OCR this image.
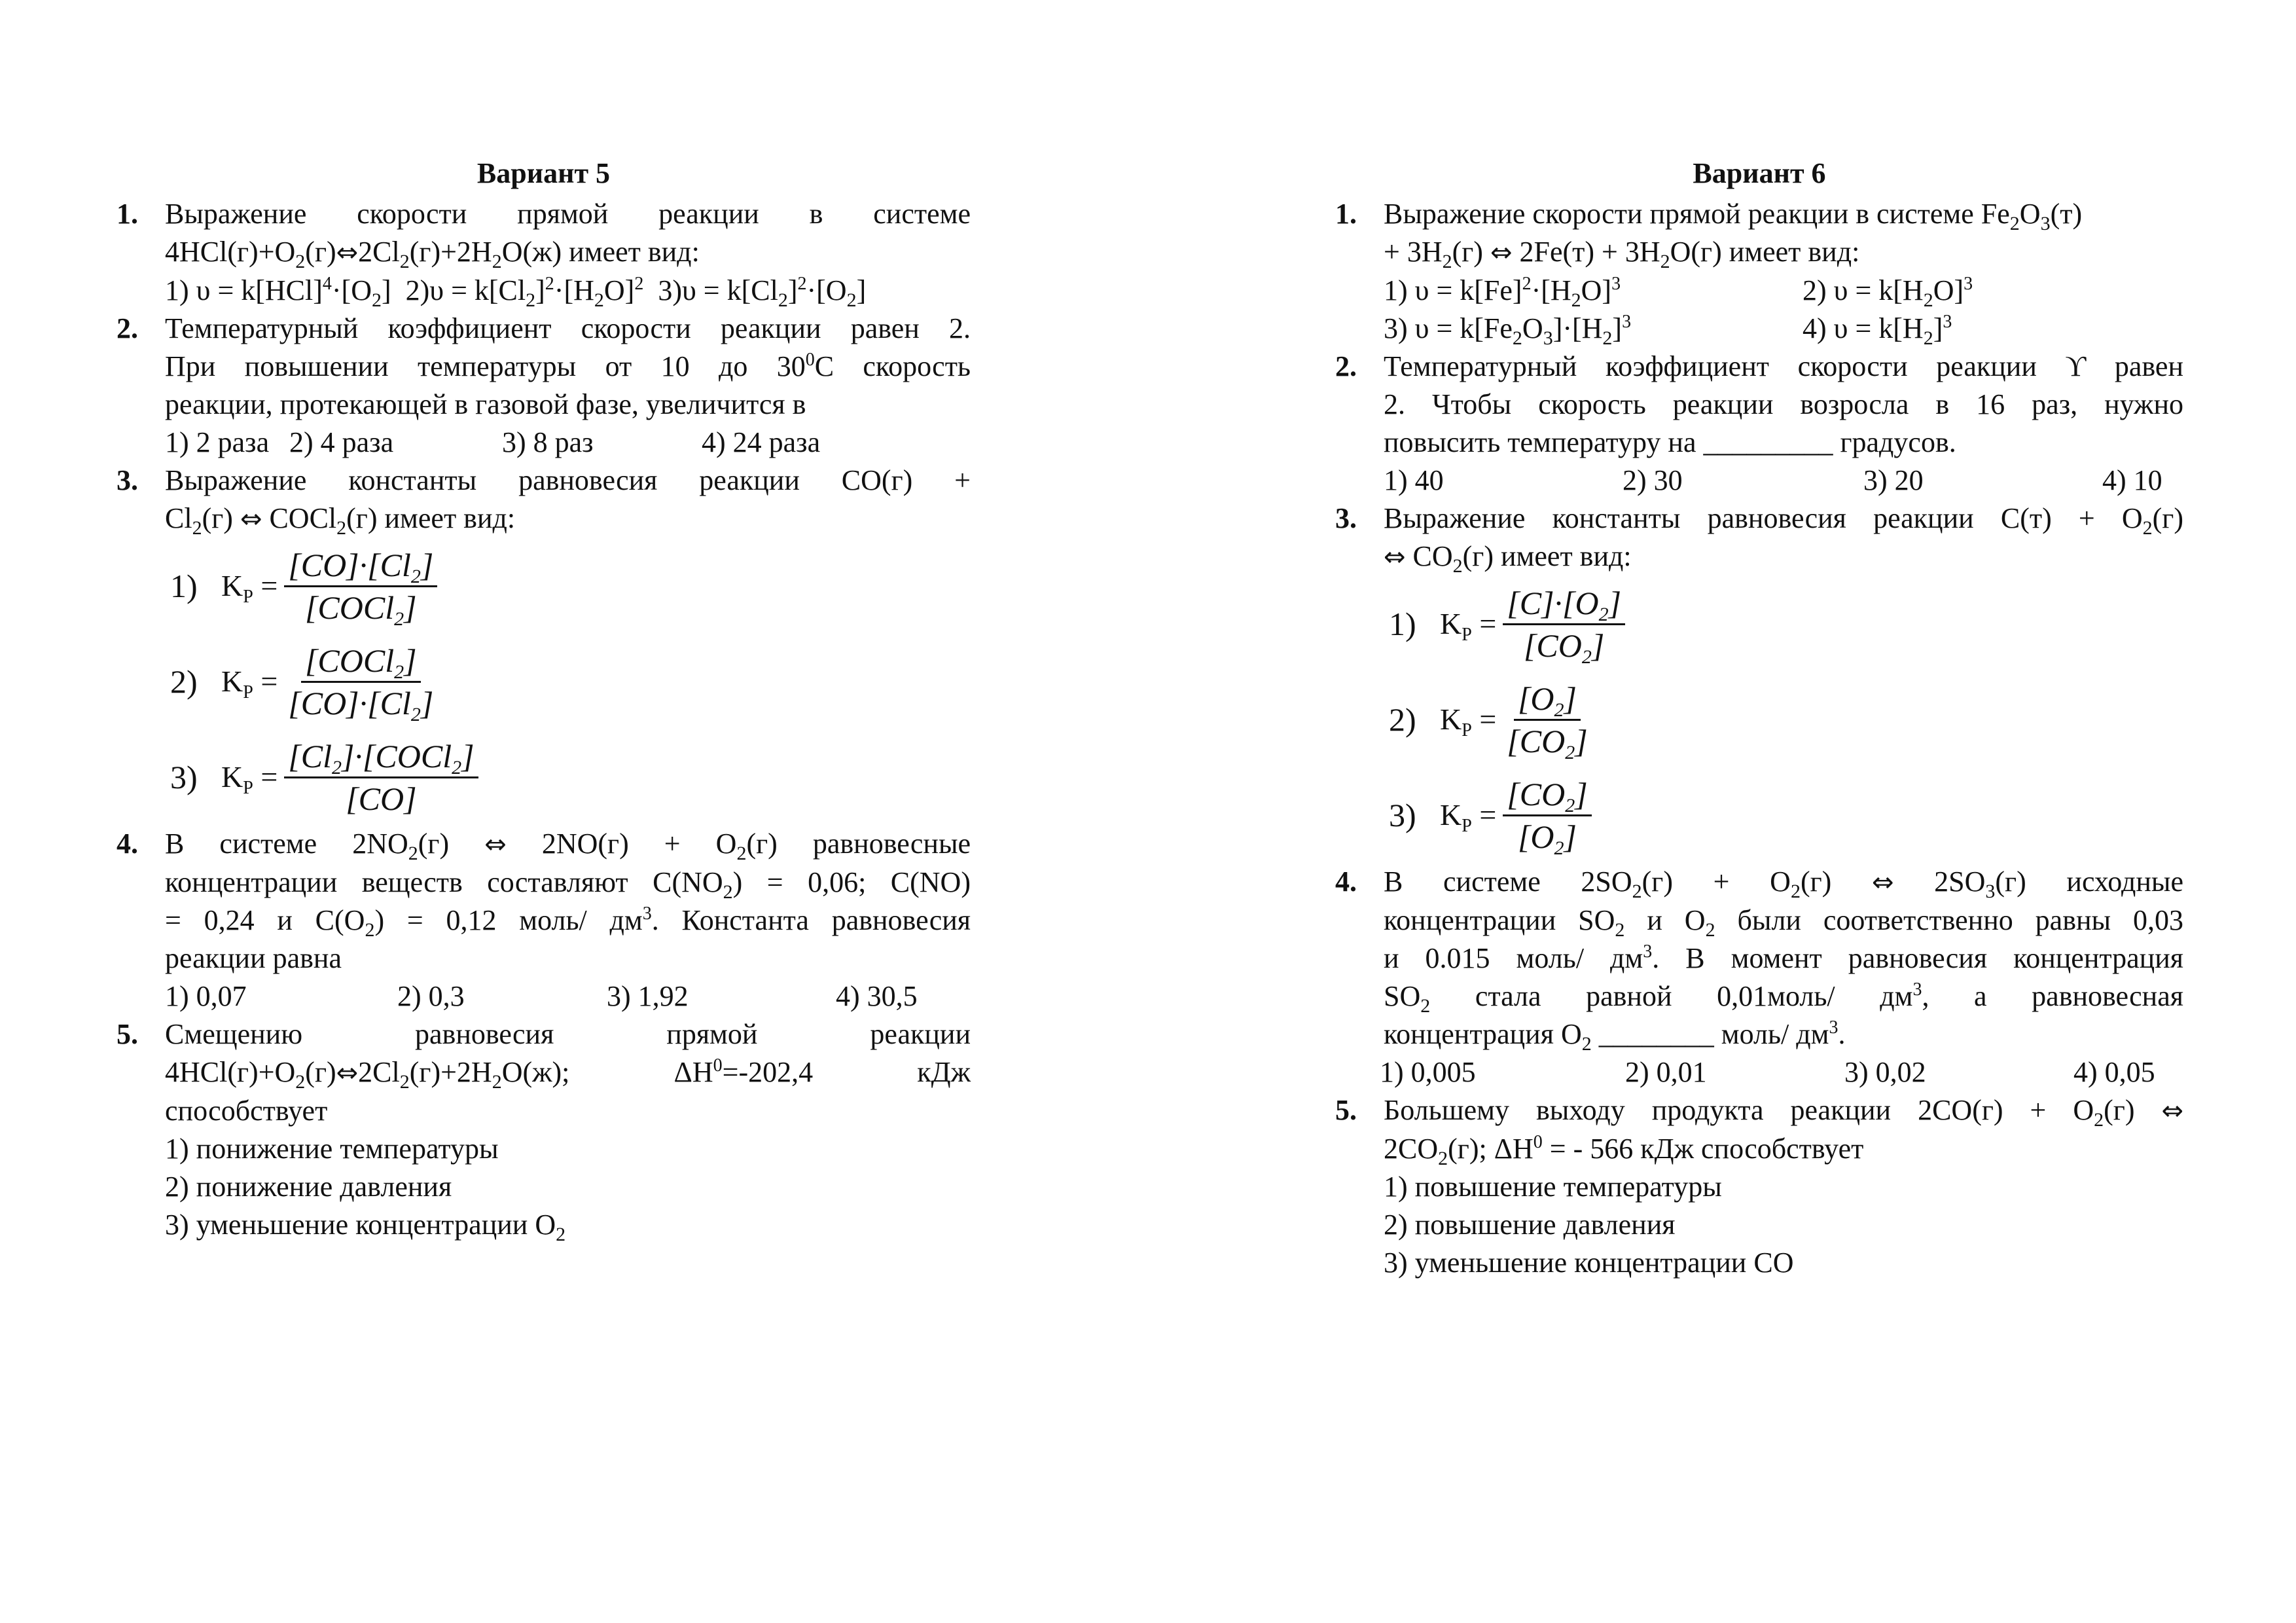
Вариант 5
1. Выражение скорости прямой реакции в системе
$4HCl(г)+O_2(г)\Leftrightarrow 2Cl_2(г)+2H_2O(ж)$ имеет вид:
1) $\upsilon = k[HCl]^4\cdot[O_2] 2)\upsilon = k[Cl_2]^2\cdot[H_2O]^2$ $3)\upsilon = k[Cl_2]^2\cdot[O_2]$
2. Температурный коэффициент скорости реакции равен 2.
При повышении температуры от 10 до $30^0С$ скорость
реакции, протекающей в газовой фазе, увеличится в
1) 2 раза 2) 4 раза	3) 8 раз	4) 24 раза
3. Выражение константы равновесия реакции CO(г) +
$Cl_2(г)$ ⇔ COCl$_2$(г) имеет вид:
1) $K_P = \frac{[CO]\cdot[Cl_2]}{[COCl_2]}$
2) $K_P = \frac{[COCl_2]}{[CO]\cdot[Cl_2]}$
3) $K_P = \frac{[Cl_2]\cdot[COCl_2]}{[CO]}$
4. В системе $2NO_2(г)$ ⇔ $2NO(г) + O_2(г)$ равновесные
концентрации веществ составляют $C(NO_2) = 0,06$; C(NO)
= 0,24 и $C(O_2) = 0,12$ моль/ $дм^3$. Константа равновесия
реакции равна
1) 0,07	2) 0,3	3) 1,92	4) 30,5
5. Смещению равновесия прямой реакции
$4HCl(г)+O_2(г)\Leftrightarrow 2Cl_2(г)+2H_2O(ж)$;	$\Delta H^0=-202,4$	кДж
способствует
1) понижение температуры
2) понижение давления
3) уменьшение концентрации $O_2$
Вариант 6
1. Выражение скорости прямой реакции в системе $Fe_2O_3(т)$
+ $3H_2(г)$ ⇔ $2Fe(т) + 3H_2O(г)$ имеет вид:
1) $\upsilon = k[Fe]^2\cdot[H_2O]^3$	2) $\upsilon = k[H_2O]^3$
3) $\upsilon = k[Fe_2O_3]\cdot[H_2]^3$	4) $\upsilon = k[H_2]^3$
2. Температурный коэффициент скорости реакции ϒ равен
2. Чтобы скорость реакции возросла в 16 раз, нужно
повысить температуру на _________ градусов.
1) 40	2) 30	3) 20	4) 10
3. Выражение константы равновесия реакции $C(т) + O_2(г)$
⇔ $CO_2(г)$ имеет вид:
1) $K_P = \frac{[C]\cdot[O_2]}{[CO_2]}$
2) $K_P = \frac{[O_2]}{[CO_2]}$
3) $K_P = \frac{[CO_2]}{[O_2]}$
4. В системе $2SO_2(г) + O_2(г)$ ⇔ $2SO_3(г)$ исходные
концентрации $SO_2$ и $O_2$ были соответственно равны 0,03
и 0.015 моль/ $дм^3$. В момент равновесия концентрация
$SO_2$ стала равной 0,01моль/ $дм^3$, а равновесная
концентрация $O_2$ ________ моль/ $дм^3$.
1) 0,005	2) 0,01	3) 0,02	4) 0,05
5. Большему выходу продукта реакции $2CO(г) + O_2(г)$ ⇔
$2CO_2(г)$; $\Delta H^0$ = - 566 кДж способствует
1) повышение температуры
2) повышение давления
3) уменьшение концентрации CO
